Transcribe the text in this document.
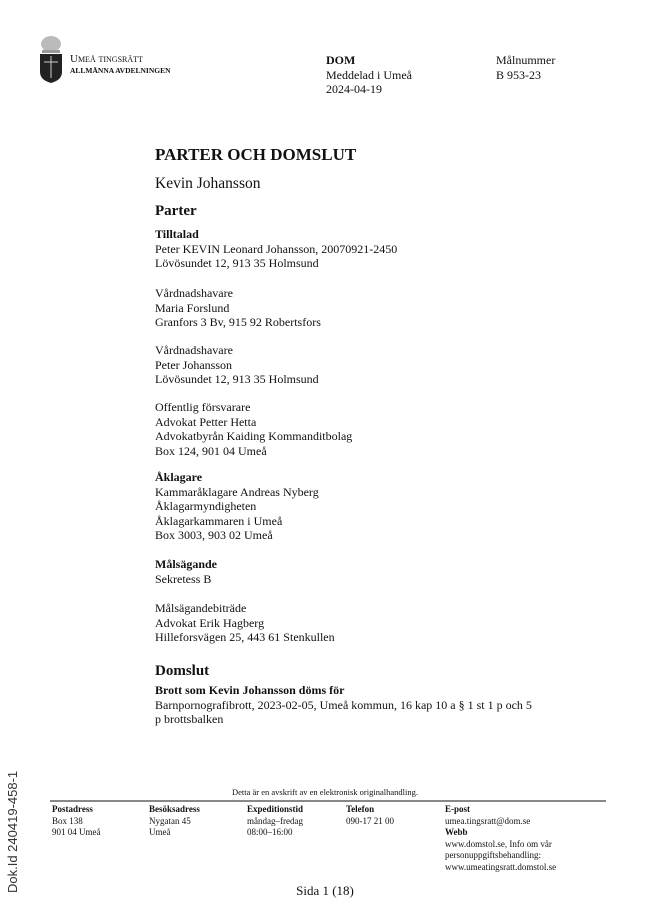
Umeå tingsrätt
ALLMÄNNA AVDELNINGEN
DOM
Meddelad i Umeå
2024-04-19
Målnummer
B 953-23
PARTER OCH DOMSLUT
Kevin Johansson
Parter
Tilltalad
Peter KEVIN Leonard Johansson, 20070921-2450
Lövösundet 12, 913 35 Holmsund
Vårdnadshavare
Maria Forslund
Granfors 3 Bv, 915 92 Robertsfors
Vårdnadshavare
Peter Johansson
Lövösundet 12, 913 35 Holmsund
Offentlig försvarare
Advokat Petter Hetta
Advokatbyrån Kaiding Kommanditbolag
Box 124, 901 04 Umeå
Åklagare
Kammaråklagare Andreas Nyberg
Åklagarmyndigheten
Åklagarkammaren i Umeå
Box 3003, 903 02 Umeå
Målsägande
Sekretess B
Målsägandebiträde
Advokat Erik Hagberg
Hilleforsvägen 25, 443 61 Stenkullen
Domslut
Brott som Kevin Johansson döms för
Barnpornografibrott, 2023-02-05, Umeå kommun, 16 kap 10 a § 1 st 1 p och 5
p brottsbalken
Detta är en avskrift av en elektronisk originalhandling.
Postadress
Box 138
901 04 Umeå
Besöksadress
Nygatan 45
Umeå
Expeditionstid
måndag–fredag
08:00–16:00
Telefon
090-17 21 00
E-post
umea.tingsratt@dom.se
Webb
www.domstol.se, Info om vår
personuppgiftsbehandling:
www.umeatingsratt.domstol.se
Sida 1 (18)
Dok.Id 240419-458-1
